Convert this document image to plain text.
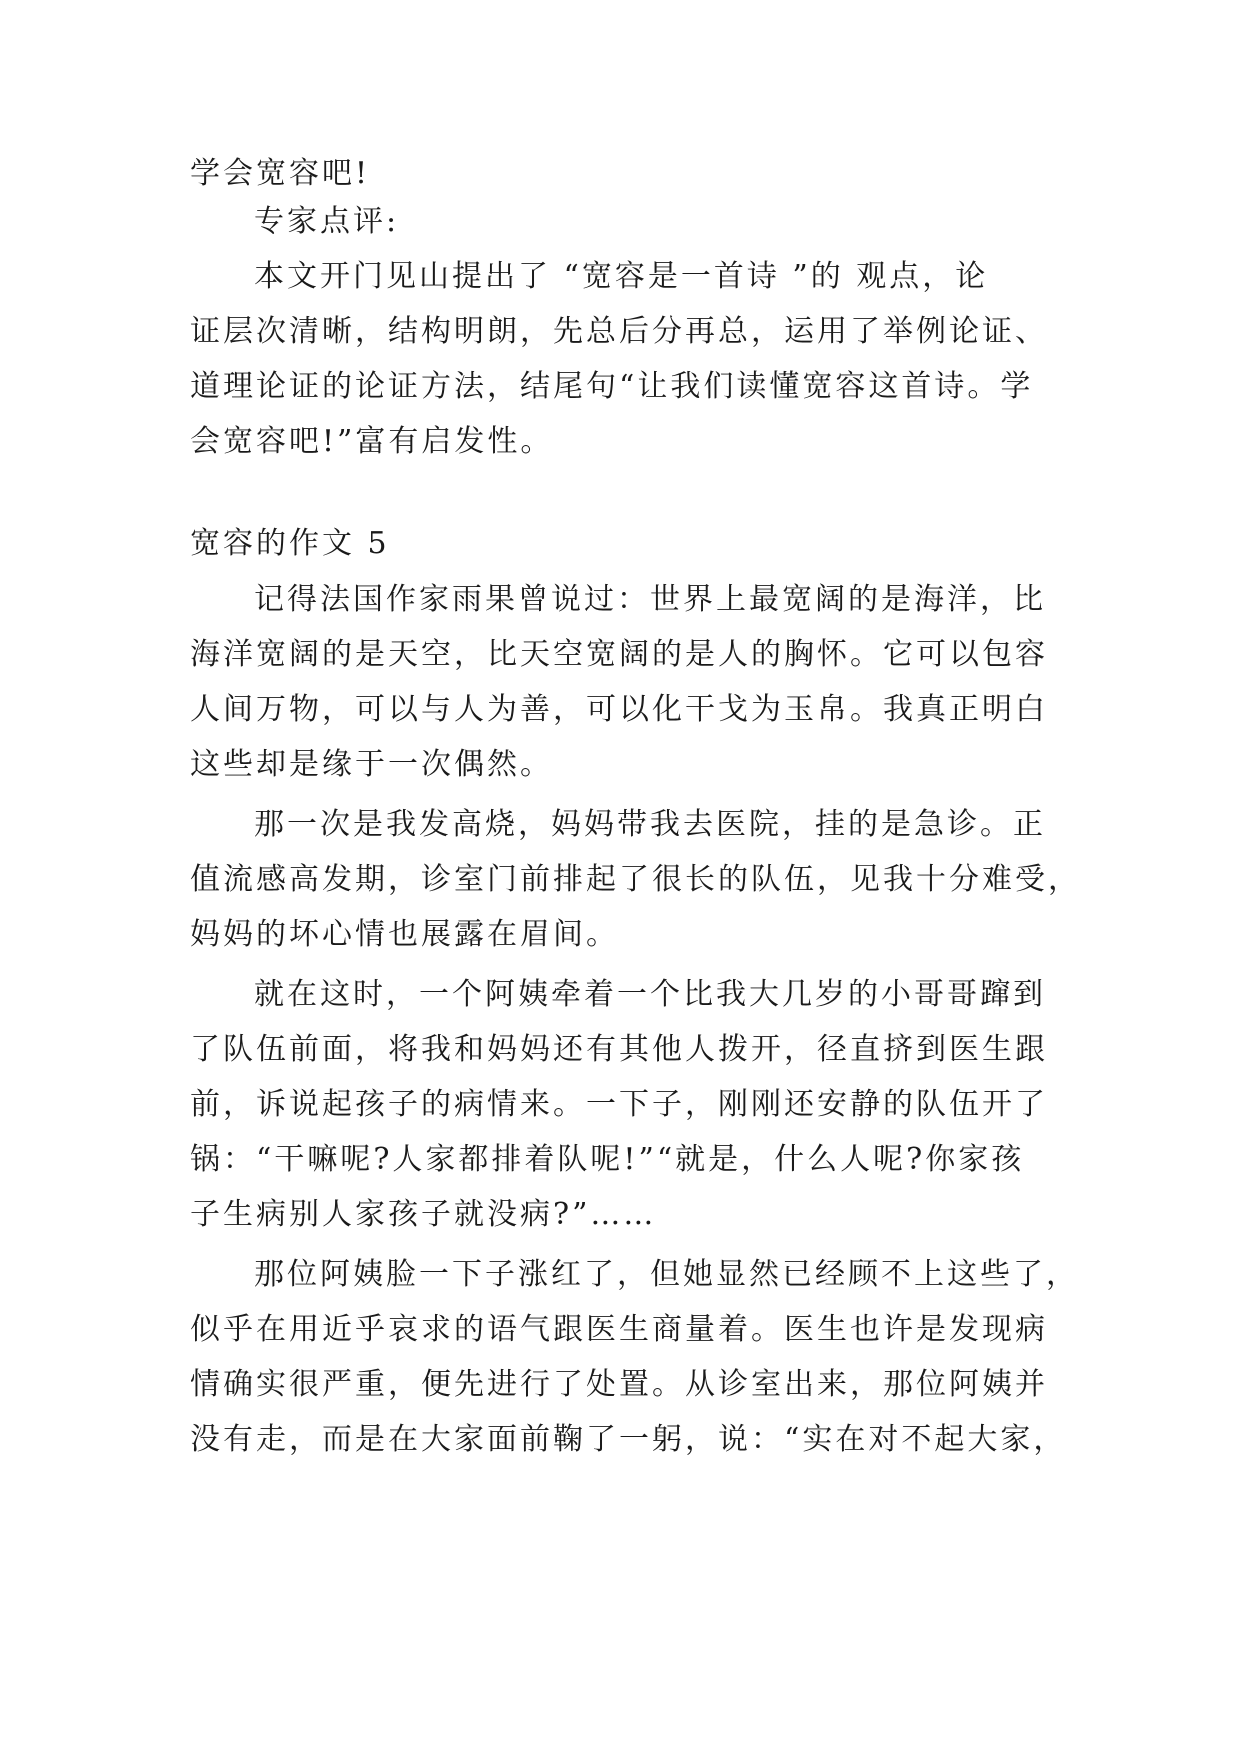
学会宽容吧!
专家点评:
本文开门见山提出了 “宽容是一首诗 ”的 观点，论
证层次清晰，结构明朗，先总后分再总，运用了举例论证、
道理论证的论证方法，结尾句“让我们读懂宽容这首诗。学
会宽容吧!”富有启发性。
宽容的作文 5
记得法国作家雨果曾说过：世界上最宽阔的是海洋，比
海洋宽阔的是天空，比天空宽阔的是人的胸怀。它可以包容
人间万物，可以与人为善，可以化干戈为玉帛。我真正明白
这些却是缘于一次偶然。
那一次是我发高烧，妈妈带我去医院，挂的是急诊。正
值流感高发期，诊室门前排起了很长的队伍，见我十分难受，
妈妈的坏心情也展露在眉间。
就在这时，一个阿姨牵着一个比我大几岁的小哥哥蹿到
了队伍前面，将我和妈妈还有其他人拨开，径直挤到医生跟
前，诉说起孩子的病情来。一下子，刚刚还安静的队伍开了
锅：“干嘛呢?人家都排着队呢!”“就是，什么人呢?你家孩
子生病别人家孩子就没病?”……
那位阿姨脸一下子涨红了，但她显然已经顾不上这些了，
似乎在用近乎哀求的语气跟医生商量着。医生也许是发现病
情确实很严重，便先进行了处置。从诊室出来，那位阿姨并
没有走，而是在大家面前鞠了一躬，说：“实在对不起大家，
